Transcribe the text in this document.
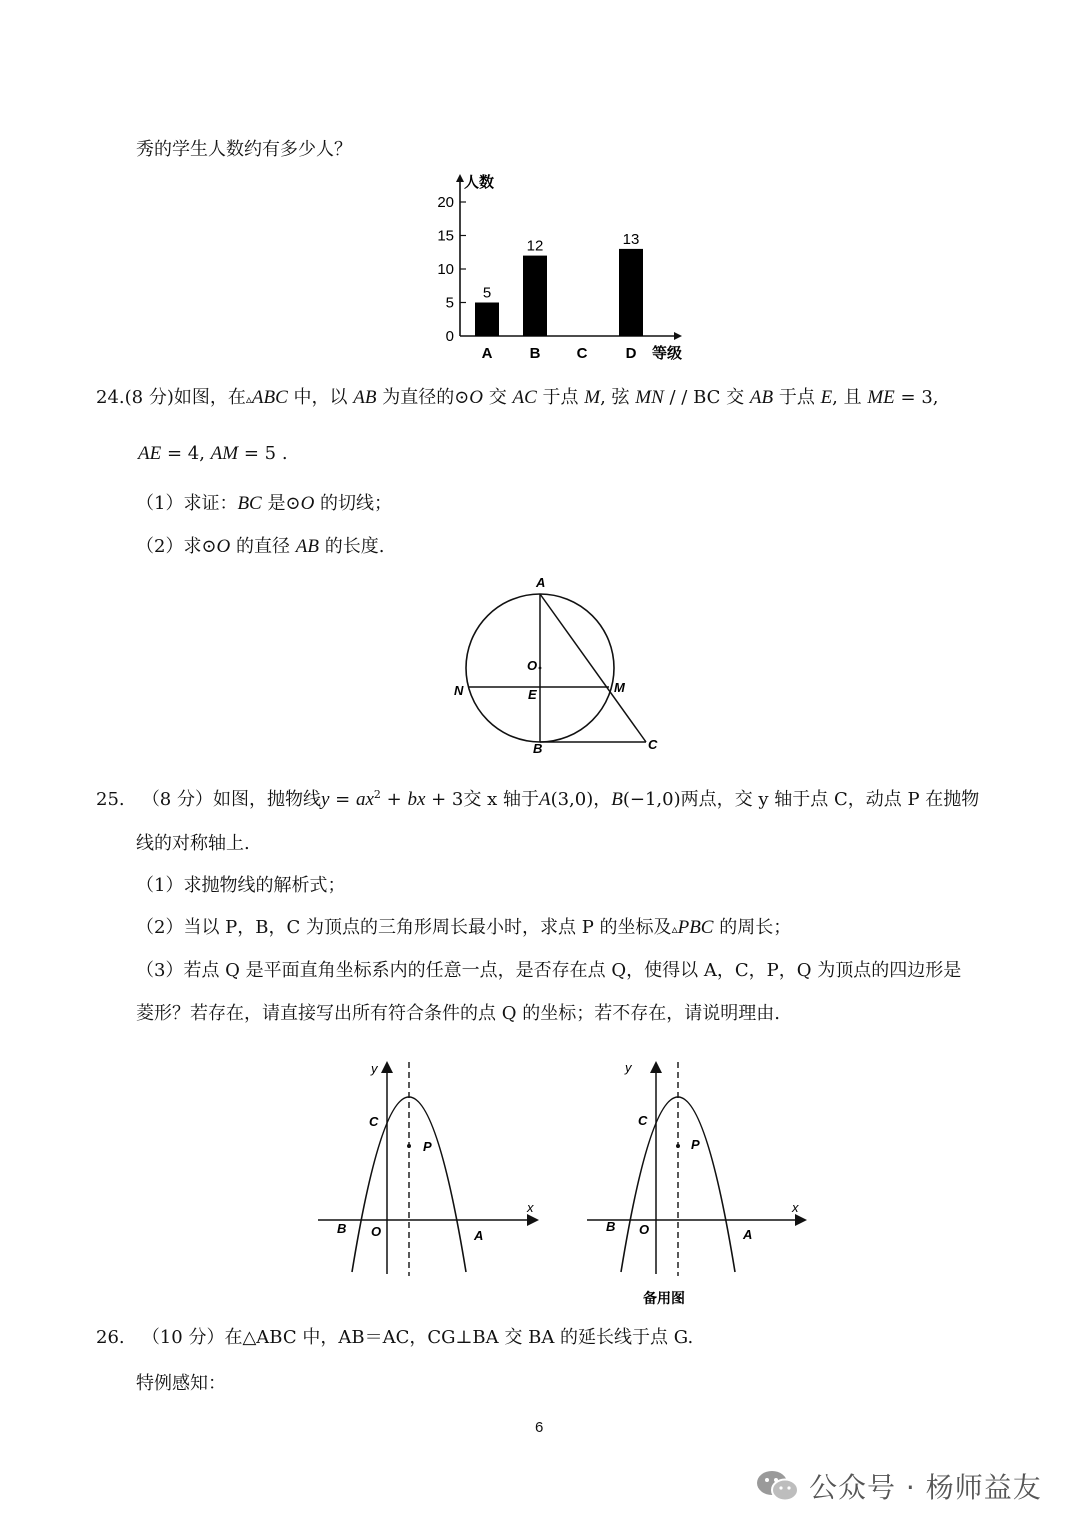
秀的学生人数约有多少人？
0
5
10
15
20
人数
5
A
12
B C
13
D 等级
24.(8 分)如图，在▵ABC 中，以 AB 为直径的⊙O 交 AC 于点 M, 弦 MN / / BC 交 AB 于点 E, 且 ME = 3,
AE = 4, AM = 5 .
（1）求证：BC 是⊙O 的切线；
（2）求⊙O 的直径 AB 的长度.
A
O
N	E	M
B	C
25. （8 分）如图，抛物线$y = ax^2$ + bx + 3交 x 轴于A(3,0)，B(−1,0)两点，交 y 轴于点 C，动点 P 在抛物
线的对称轴上.
（1）求抛物线的解析式；
（2）当以 P，B，C 为顶点的三角形周长最小时，求点 P 的坐标及▵PBC 的周长；
（3）若点 Q 是平面直角坐标系内的任意一点，是否存在点 Q，使得以 A，C，P，Q 为顶点的四边形是
菱形？若存在，请直接写出所有符合条件的点 Q 的坐标；若不存在，请说明理由.
y
x
C
P
B O	A
y
x
C
P
B O	A
备用图
26. （10 分）在△ABC 中，AB＝AC，CG⊥BA 交 BA 的延长线于点 G.
特例感知：
6
公众号 · 杨师益友
